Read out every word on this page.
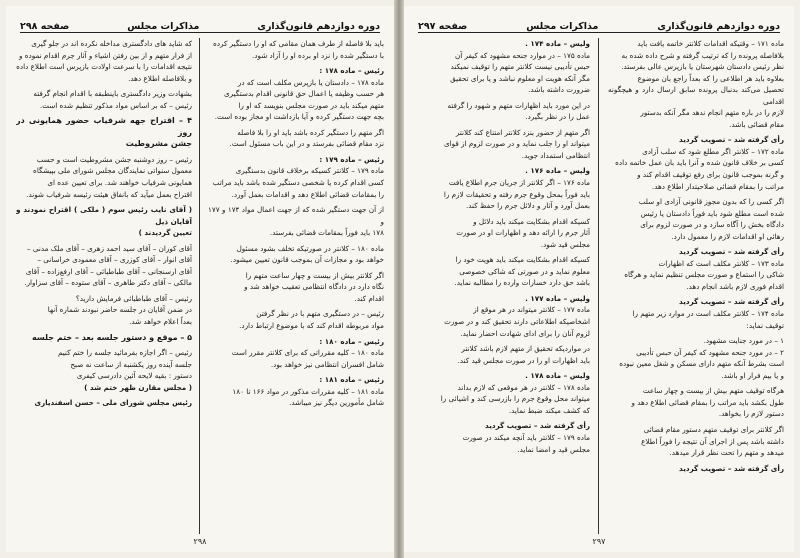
دوره دوازدهم قانون‌گذاری
مذاکرات مجلس
صفحه ۲۹۷

ماده ۱۷۱ – وقتیکه اقدامات کلانتر خاتمه یافت باید

بلافاصله پرونده را که ترتیب گرفته و شرح داده شده به

نظر رئیس دادستان شهرستان یا بازپرس عالی بفرستد.

بعلاوه باید هر اطلاعی را که بعداً راجع بان موضوع

تحصیل می‌کند بدنبال پرونده سابق ارسال دارد و هیچگونه اقدامی

لازم را در باره متهم انجام ندهد مگر آنکه بدستور

مقام قضائی باشد.

رأی گرفته شد – تصویب گردید

ماده ۱۷۲ – کلانتر اگر مطلع شود که سلب آزادی

کسی بر خلاف قانون شده و آنرا باید بان عمل خاتمه داده

و گرنه بموجب قانون برای رفع توقیف اقدام کند و

مراتب را بمقام قضائی صلاحیتدار اطلاع دهد.

اگر کسی را که بدون مجوز قانونی آزادی او سلب

شده است مطلع شود باید فوراً دادستان یا رئیس

دادگاه بخش را آگاه سازد و در صورت لزوم برای

رهائی او اقدامات لازم را معمول دارد.

رأی گرفته شد – تصویب گردید

ماده ۱۷۳ – کلانتر مکلف است که اظهارات

شاکی را استماع و صورت مجلس تنظیم نماید و هرگاه

اقدام فوری لازم باشد انجام دهد.

رأی گرفته شد – تصویب گردید

ماده ۱۷۴ – کلانتر مکلف است در موارد زیر متهم را

توقیف نماید:

۱ – در مورد جنایت مشهود.

۲ – در مورد جنحه مشهود که کیفر آن حبس تأدیبی

است بشرط آنکه متهم دارای مسکن و شغل معین نبوده

و یا بیم فرار او باشد.

هرگاه توقیف متهم بیش از بیست و چهار ساعت

طول بکشد باید مراتب را بمقام قضائی اطلاع دهد و

دستور لازم را بخواهد.

اگر کلانتر برای توقیف متهم دستور مقام قضائی

داشته باشد پس از اجرای آن نتیجه را فوراً اطلاع

میدهد و متهم را تحت نظر قرار میدهد.

رأی گرفته شد – تصویب گردید

ولیس – ماده ۱۷۴ .

ماده ۱۷۵ – در موارد جنحه مشهود که کیفر آن

حبس تأدیبی نیست کلانتر متهم را توقیف نمیکند

مگر آنکه هویت او معلوم نباشد و یا برای تحقیق

ضرورت داشته باشد.

در این مورد باید اظهارات متهم و شهود را گرفته

عمل را در نظر بگیرد.

اگر متهم از حضور بنزد کلانتر امتناع کند کلانتر

میتواند او را جلب نماید و در صورت لزوم از قوای

انتظامی استمداد جوید.

ولیس – ماده ۱۷۶ .

ماده ۱۷۶ – اگر کلانتر از جریان جرم اطلاع یافت

باید فوراً بمحل وقوع جرم رفته و تحقیقات لازم را

بعمل آورد و آثار و دلائل جرم را حفظ کند.

کسیکه اقدام بشکایت میکند باید دلائل و

آثار جرم را ارائه دهد و اظهارات او در صورت

مجلس قید شود.

کسیکه اقدام بشکایت میکند باید هویت خود را

معلوم نماید و در صورتی که شاکی خصوصی

باشد حق دارد خسارات وارده را مطالبه نماید.

ولیس – ماده ۱۷۷ .

ماده ۱۷۷ – کلانتر میتواند در هر موقع از

اشخاصیکه اطلاعاتی دارند تحقیق کند و در صورت

لزوم آنان را برای ادای شهادت احضار نماید.

در مواردیکه تحقیق از متهم لازم باشد کلانتر

باید اظهارات او را در صورت مجلس قید کند.

ولیس – ماده ۱۷۸ .

ماده ۱۷۸ – کلانتر در هر موقعی که لازم بداند

میتواند محل وقوع جرم را بازرسی کند و اشیائی را

که کشف میکند ضبط نماید.

رأی گرفته شد – تصویب گردید

ماده ۱۷۹ – کلانتر باید آنچه میکند در صورت

مجلس قید و امضا نماید.

۲۹۷
دوره دوازدهم قانون‌گذاری
مذاکرات مجلس
صفحه ۲۹۸

باید بلا فاصله از طرف همان مقامی که او را دستگیر کرده

با دستگیر شده را نزد او برده او را آزاد شود.

رئیس – ماده ۱۷۸ :

ماده ۱۷۸ – دادستان یا بازپرس مکلف است که در

هر حسب وظیفه یا اعمال حق قانونی اقدام بدستگیری

متهم میکند باید در صورت مجلس بنویسد که او را

بچه جهت دستگیر کرده و آیا بازداشت او مجاز بوده است.

اگر متهم را دستگیر کرده باشد باید او را بلا فاصله

نزد مقام قضائی بفرستد و در این باب مسئول است.

رئیس – ماده ۱۷۹ :

ماده ۱۷۹ – کلانتر کسیکه برخلاف قانون بدستگیری

کسی اقدام کرده یا شخصی دستگیر شده باشد باید مراتب

را بمقامات قضائی اطلاع دهد و اقدامات بعمل آورد.

از آن جهت دستگیر شده که از جهت اعمال مواد ۱۷۴ و ۱۷۷ و

۱۷۸ باید فوراً بمقامات قضائی بفرستد.

ماده ۱۸۰ – کلانتر در صورتیکه تخلف بشود مسئول

خواهد بود و مجازات آن بموجب قانون تعیین میشود.

اگر کلانتر بیش از بیست و چهار ساعت متهم را

نگاه دارد در دادگاه انتظامی تعقیب خواهد شد و

اقدام کند.

رئیس – در دستگیری متهم با در نظر گرفتن

مواد مربوطه اقدام کند که با موضوع ارتباط دارد.

رئیس – ماده ۱۸۰ :

ماده ۱۸۰ – کلیه مقرراتی که برای کلانتر مقرر است

شامل افسران انتظامی نیز خواهد بود.

رئیس – ماده ۱۸۱ :

ماده ۱۸۱ – کلیه مقررات مذکور در مواد ۱۶۶ تا ۱۸۰

شامل مأمورین دیگر نیز میباشد.

که شاید های دادگستری مداخله نکرده اند در جلو گیری

از فرار متهم و از بین رفتن اشیاء و آثار جرم اقدام نموده و

نتیجه اقدامات را با سرعت اولادت بازپرس است اطلاع داده

و بلافاصله اطلاع دهد.

بشهادت وزیر دادگستری باینطبقه با اقدام انجام گرفته

رئیس – که بر اساس مواد مذکور تنظیم شده است.

۴ – اقتراح جهه شرفیاب حضور همایونی در روز

جشن مشروطیت

رئیس – روز دوشنبه جشن مشروطیت است و حسب

معمول سنواتی نمایندگان مجلس شورای ملی بپیشگاه

همایونی شرفیاب خواهند شد. برای تعیین عده ای

اقتراح بعمل میآید که بانفاق هیئت رئیسه شرفیاب شوند.

( آقای نایب رئیس سوم ( ملکی ) اقتراح نمودند و آقایان ذیل

تعیین گردیدند )

آقای کوران – آقای سید احمد زهری – آقای ملک مدنی –

آقای انوار – آقای کوزری – آقای معمودی خراسانی –

آقای ارسنجانی – آقای طباطبائی – آقای ارفع‌زاده – آقای

مالکی – آقای دکتر طاهری – آقای ستوده – آقای سزاوار.

رئیس – آقای طباطبائی فرمایش دارید؟

در ضمن آقایان در جلسه حاضر نبودند شماره آنها

بعداً اعلام خواهد شد.

۵ – موقع و دستور جلسه بعد – ختم جلسه

رئیس – اگر اجازه بفرمائید جلسه را ختم کنیم

جلسه آینده روز یکشنبه از ساعت نه صبح

دستور : بقیه لایحه آئین دادرسی کیفری

( مجلس مقارن ظهر ختم شد )

رئیس مجلس شورای ملی – حسن اسفندیاری

۲۹۸
